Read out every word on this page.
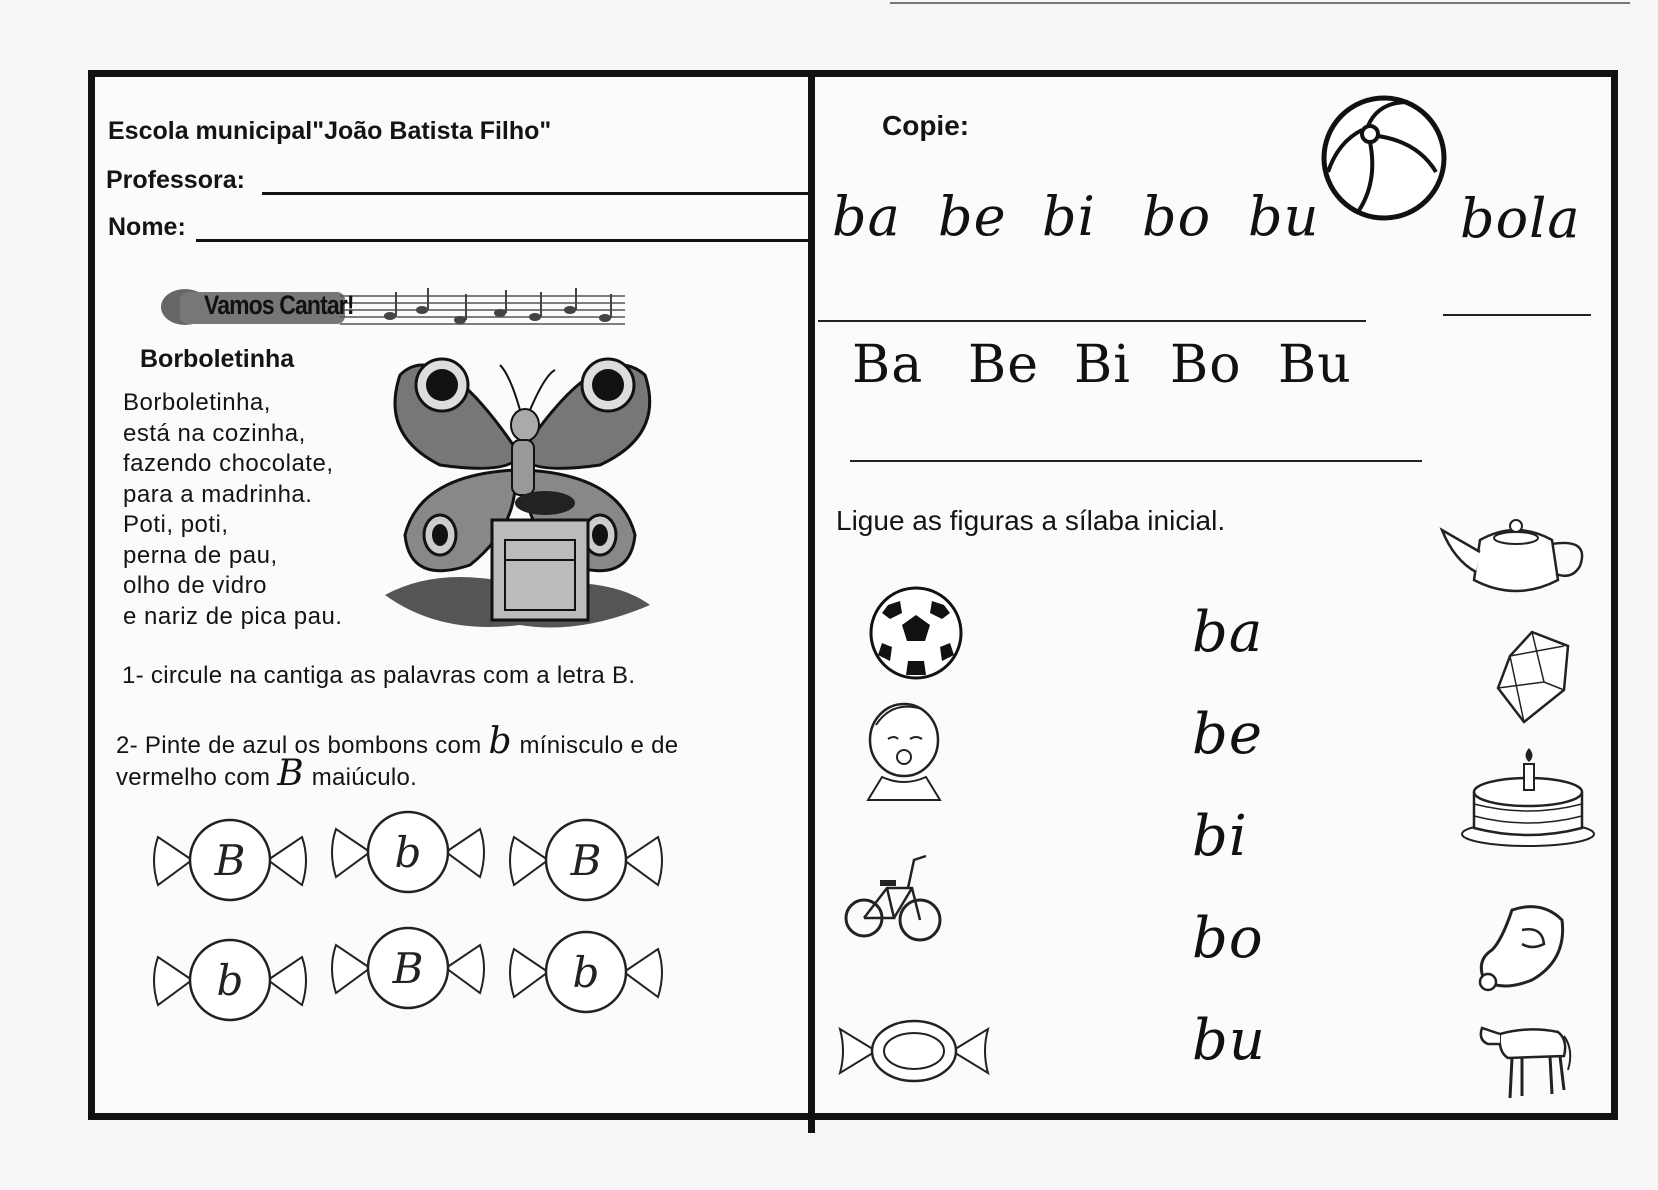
Escola municipal"João Batista Filho"
Professora:
Nome:
Vamos Cantar!
Borboletinha
Borboletinha,
está na cozinha,
fazendo chocolate,
para a madrinha.
Poti, poti,
perna de pau,
olho de vidro
e nariz de pica pau.
1- circule na cantiga as palavras com a letra B.
2- Pinte de azul os bombons com b mínisculo e de
vermelho com B maiúculo.
B	b	B
b	B	b
Copie:
ba be bi bo bu	bola
Ba Be Bi Bo Bu
Ligue as figuras a sílaba inicial.
ba
be
bi
bo
bu
